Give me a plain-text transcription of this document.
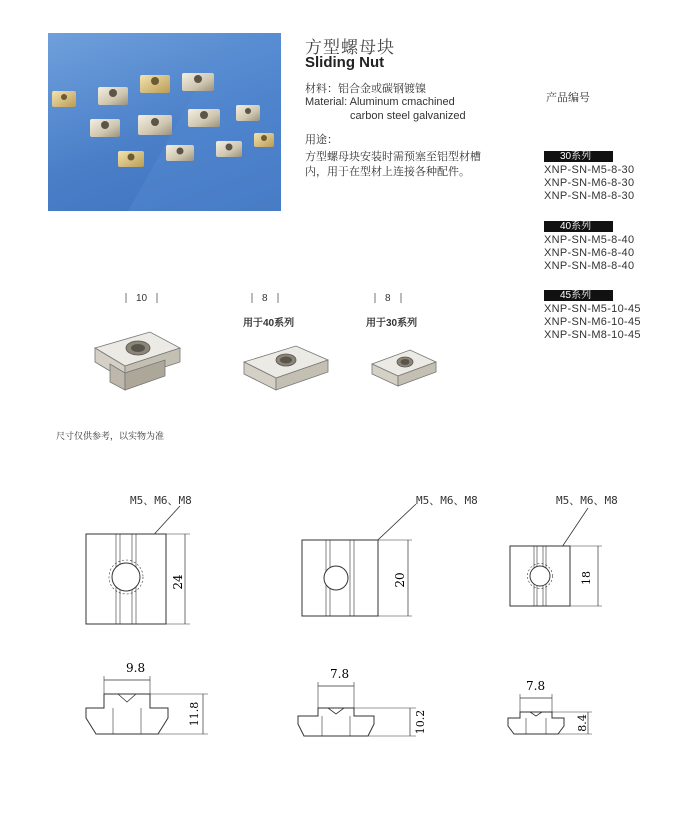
方型螺母块
Sliding Nut
材料：铝合金或碳钢镀镍
Material: Aluminum cmachined
carbon steel galvanized
用途：
方型螺母块安装时需预塞至铝型材槽
内，用于在型材上连接各种配件。
产品编号
30系列
XNP-SN-M5-8-30
XNP-SN-M6-8-30
XNP-SN-M8-8-30
40系列
XNP-SN-M5-8-40
XNP-SN-M6-8-40
XNP-SN-M8-8-40
45系列
XNP-SN-M5-10-45
XNP-SN-M6-10-45
XNP-SN-M8-10-45
10	8	8
用于40系列	用于30系列
尺寸仅供参考，以实物为准
M5、M6、M8
24
M5、M6、M8
20
M5、M6、M8
18
9.8
11.8
7.8
10.2
7.8
8.4
